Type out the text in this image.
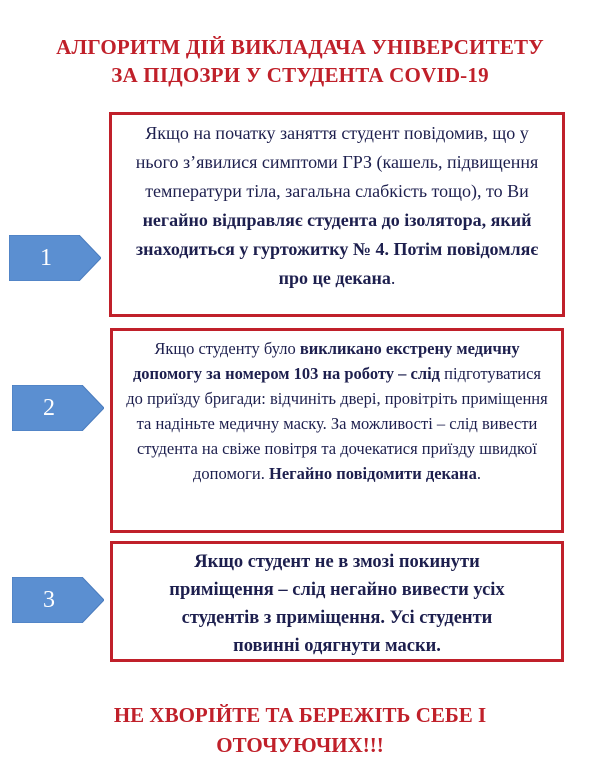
АЛГОРИТМ ДІЙ ВИКЛАДАЧА УНІВЕРСИТЕТУ
ЗА ПІДОЗРИ У СТУДЕНТА COVID-19
1
Якщо на початку заняття студент повідомив, що у нього з’явилися симптоми ГРЗ (кашель, підвищення температури тіла, загальна слабкість тощо), то Ви негайно відправляє студента до ізолятора, який знаходиться у гуртожитку № 4. Потім повідомляє про це декана.
2
Якщо студенту було викликано екстрену медичну допомогу за номером 103 на роботу – слід підготуватися до приїзду бригади: відчиніть двері, провітріть приміщення та надіньте медичну маску. За можливості – слід вивести студента на свіже повітря та дочекатися приїзду швидкої допомоги. Негайно повідомити декана.
3
Якщо студент не в змозі покинути
приміщення – слід негайно вивести усіх
студентів з приміщення. Усі студенти
повинні одягнути маски.
НЕ ХВОРІЙТЕ ТА БЕРЕЖІТЬ СЕБЕ І
ОТОЧУЮЧИХ!!!
